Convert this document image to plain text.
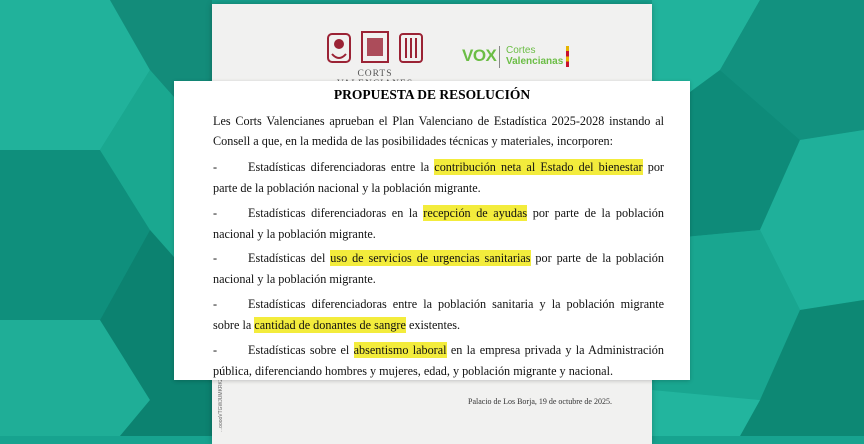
CORTS
VOX Cortes
Valencianas
Palacio de Los Borja, 19 de octubre de 2025.
PROPUESTA DE RESOLUCIÓN

Les Corts Valencianes aprueban el Plan Valenciano de Estadística 2025-2028 instando al Consell a que, en la medida de las posibilidades técnicas y materiales, incorporen:

-	Estadísticas diferenciadoras entre la contribución neta al Estado del bienestar por parte de la población nacional y la población migrante.

-	Estadísticas diferenciadoras en la recepción de ayudas por parte de la población nacional y la población migrante.

-	Estadísticas del uso de servicios de urgencias sanitarias por parte de la población nacional y la población migrante.

-	Estadísticas diferenciadoras entre la población sanitaria y la población migrante sobre la cantidad de donantes de sangre existentes.

-	Estadísticas sobre el absentismo laboral en la empresa privada y la Administración pública, diferenciando hombres y mujeres, edad, y población migrante y nacional.
